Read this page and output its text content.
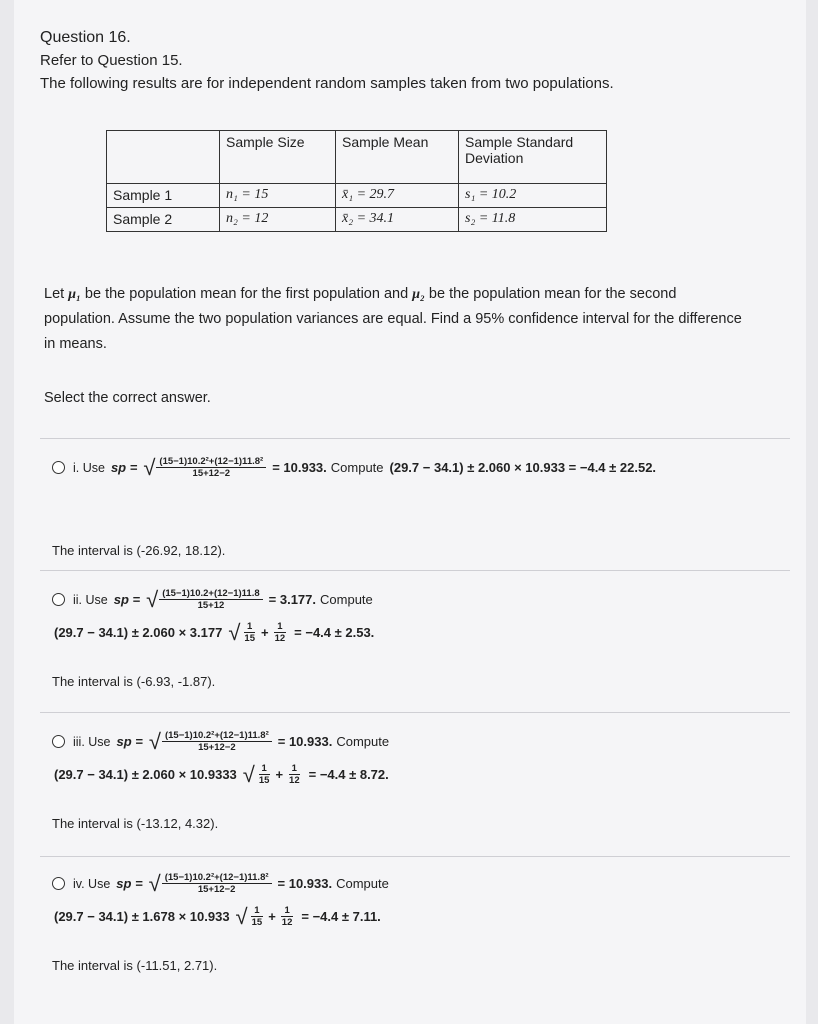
Question 16.
Refer to Question 15.
The following results are for independent random samples taken from two populations.
	Sample Size	Sample Mean	Sample Standard Deviation
Sample 1	n₁ = 15	x̄₁ = 29.7	s₁ = 10.2
Sample 2	n₂ = 12	x̄₂ = 34.1	s₂ = 11.8
Let μ₁ be the population mean for the first population and μ₂ be the population mean for the second population. Assume the two population variances are equal. Find a 95% confidence interval for the difference in means.
Select the correct answer.
i. Use sp = √ $\frac{\text{(15−1)10.2²+(12−1)11.8²}}{15+12-2} = 10.933$. Compute (29.7 − 34.1) ± 2.060 × 10.933 = −4.4 ± 22.52.
The interval is (-26.92, 18.12).
ii. Use sp = √ $\frac{(15-1)10.2+(12-1)11.8}{15+12} = 3.177$. Compute
(29.7 − 34.1) ± 2.060 × 3.177 √ $\frac{1}{15} + \frac{1}{12} = -4.4 \pm 2.53$.
The interval is (-6.93, -1.87).
iii. Use sp = √ $\frac{\text{(15−1)10.2²+(12−1)11.8²}}{15+12-2} = 10.933$. Compute
(29.7 − 34.1) ± 2.060 × 10.9333 √ $\frac{1}{15} + \frac{1}{12} = -4.4 \pm 8.72$.
The interval is (-13.12, 4.32).
iv. Use sp = √ $\frac{\text{(15−1)10.2²+(12−1)11.8²}}{15+12-2} = 10.933$. Compute
(29.7 − 34.1) ± 1.678 × 10.933 √ $\frac{1}{15} + \frac{1}{12} = -4.4 \pm 7.11$.
The interval is (-11.51, 2.71).
